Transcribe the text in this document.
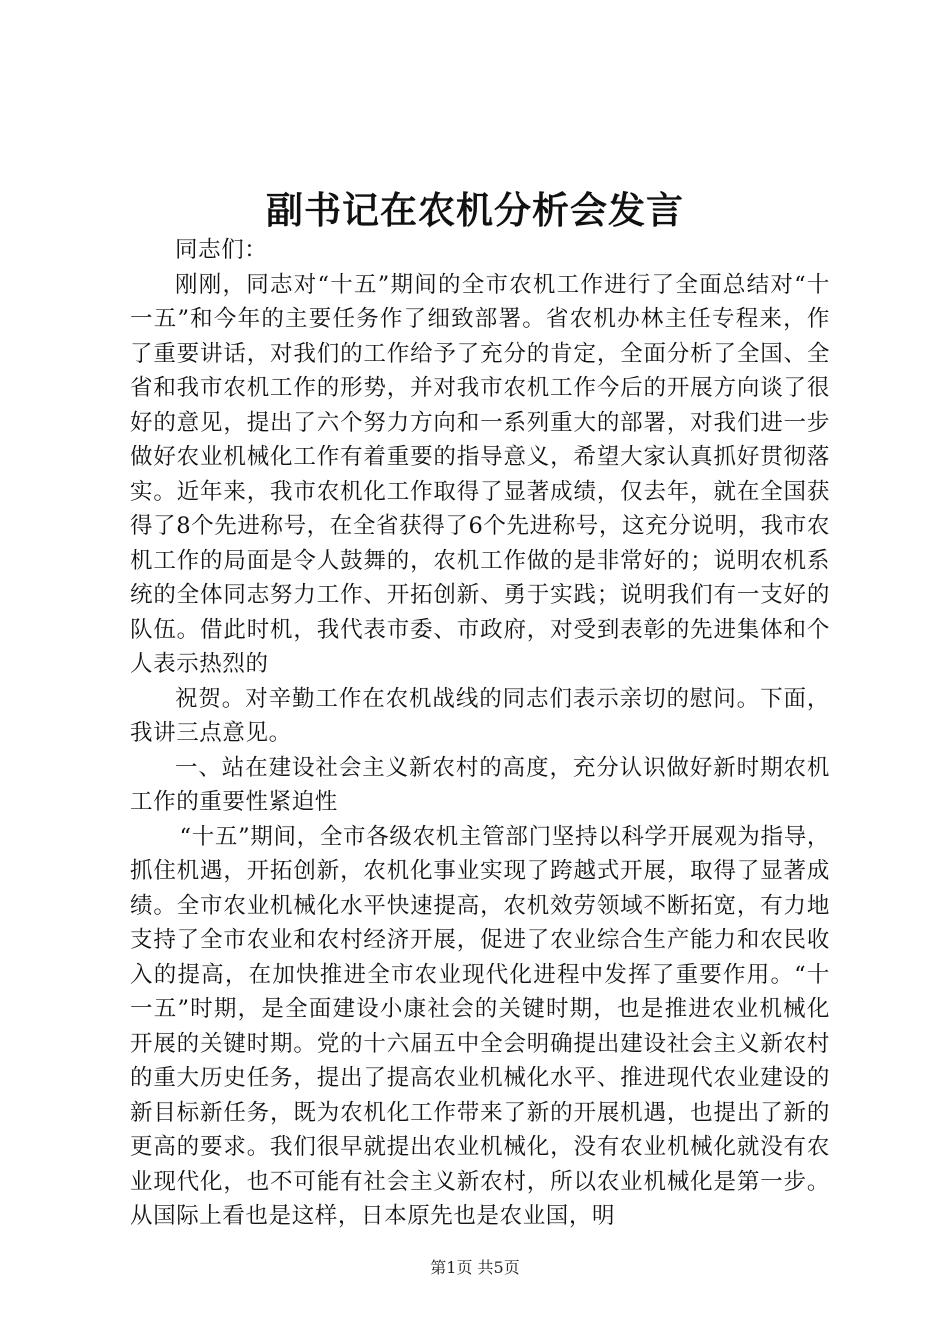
副书记在农机分析会发言

同志们：

刚刚，同志对“十五”期间的全市农机工作进行了全面总结对“十一五”和今年的主要任务作了细致部署。省农机办林主任专程来，作了重要讲话，对我们的工作给予了充分的肯定，全面分析了全国、全省和我市农机工作的形势，并对我市农机工作今后的开展方向谈了很好的意见，提出了六个努力方向和一系列重大的部署，对我们进一步做好农业机械化工作有着重要的指导意义，希望大家认真抓好贯彻落实。近年来，我市农机化工作取得了显著成绩，仅去年，就在全国获得了8个先进称号，在全省获得了6个先进称号，这充分说明，我市农机工作的局面是令人鼓舞的，农机工作做的是非常好的；说明农机系统的全体同志努力工作、开拓创新、勇于实践；说明我们有一支好的队伍。借此时机，我代表市委、市政府，对受到表彰的先进集体和个人表示热烈的

祝贺。对辛勤工作在农机战线的同志们表示亲切的慰问。下面，我讲三点意见。

一、站在建设社会主义新农村的高度，充分认识做好新时期农机工作的重要性紧迫性

“十五”期间，全市各级农机主管部门坚持以科学开展观为指导，抓住机遇，开拓创新，农机化事业实现了跨越式开展，取得了显著成绩。全市农业机械化水平快速提高，农机效劳领域不断拓宽，有力地支持了全市农业和农村经济开展，促进了农业综合生产能力和农民收入的提高，在加快推进全市农业现代化进程中发挥了重要作用。“十一五”时期，是全面建设小康社会的关键时期，也是推进农业机械化开展的关键时期。党的十六届五中全会明确提出建设社会主义新农村的重大历史任务，提出了提高农业机械化水平、推进现代农业建设的新目标新任务，既为农机化工作带来了新的开展机遇，也提出了新的更高的要求。我们很早就提出农业机械化，没有农业机械化就没有农业现代化，也不可能有社会主义新农村，所以农业机械化是第一步。从国际上看也是这样，日本原先也是农业国，明

第1页 共5页
